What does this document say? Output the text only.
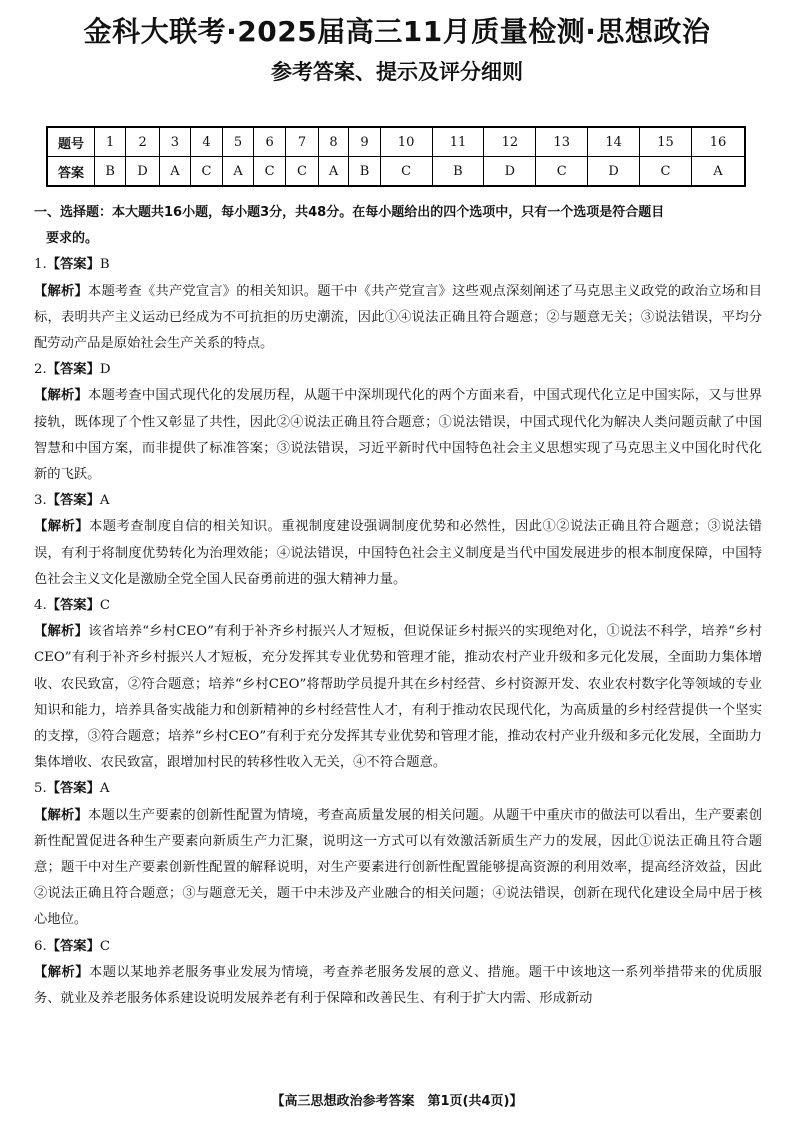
金科大联考·2025届高三11月质量检测·思想政治
参考答案、提示及评分细则
题号	1	2	3	4	5	6	7	8	9	10	11	12	13	14	15	16
答案	B	D	A	C	A	C	C	A	B	C	B	D	C	D	C	A

一、选择题：本大题共16小题，每小题3分，共48分。在每小题给出的四个选项中，只有一个选项是符合题目

要求的。

1.【答案】B

【解析】本题考查《共产党宣言》的相关知识。题干中《共产党宣言》这些观点深刻阐述了马克思主义政党的政治立场和目标，表明共产主义运动已经成为不可抗拒的历史潮流，因此①④说法正确且符合题意；②与题意无关；③说法错误，平均分配劳动产品是原始社会生产关系的特点。

2.【答案】D

【解析】本题考查中国式现代化的发展历程，从题干中深圳现代化的两个方面来看，中国式现代化立足中国实际，又与世界接轨，既体现了个性又彰显了共性，因此②④说法正确且符合题意；①说法错误，中国式现代化为解决人类问题贡献了中国智慧和中国方案，而非提供了标准答案；③说法错误，习近平新时代中国特色社会主义思想实现了马克思主义中国化时代化新的飞跃。

3.【答案】A

【解析】本题考查制度自信的相关知识。重视制度建设强调制度优势和必然性，因此①②说法正确且符合题意；③说法错误，有利于将制度优势转化为治理效能；④说法错误，中国特色社会主义制度是当代中国发展进步的根本制度保障，中国特色社会主义文化是激励全党全国人民奋勇前进的强大精神力量。

4.【答案】C

【解析】该省培养“乡村CEO”有利于补齐乡村振兴人才短板，但说保证乡村振兴的实现绝对化，①说法不科学，培养“乡村CEO”有利于补齐乡村振兴人才短板，充分发挥其专业优势和管理才能，推动农村产业升级和多元化发展，全面助力集体增收、农民致富，②符合题意；培养“乡村CEO”将帮助学员提升其在乡村经营、乡村资源开发、农业农村数字化等领域的专业知识和能力，培养具备实战能力和创新精神的乡村经营性人才，有利于推动农民现代化，为高质量的乡村经营提供一个坚实的支撑，③符合题意；培养“乡村CEO”有利于充分发挥其专业优势和管理才能，推动农村产业升级和多元化发展，全面助力集体增收、农民致富，跟增加村民的转移性收入无关，④不符合题意。

5.【答案】A

【解析】本题以生产要素的创新性配置为情境，考查高质量发展的相关问题。从题干中重庆市的做法可以看出，生产要素创新性配置促进各种生产要素向新质生产力汇聚，说明这一方式可以有效激活新质生产力的发展，因此①说法正确且符合题意；题干中对生产要素创新性配置的解释说明，对生产要素进行创新性配置能够提高资源的利用效率，提高经济效益，因此②说法正确且符合题意；③与题意无关，题干中未涉及产业融合的相关问题；④说法错误，创新在现代化建设全局中居于核心地位。

6.【答案】C

【解析】本题以某地养老服务事业发展为情境，考查养老服务发展的意义、措施。题干中该地这一系列举措带来的优质服务、就业及养老服务体系建设说明发展养老有利于保障和改善民生、有利于扩大内需、形成新动

【高三思想政治参考答案　第1页(共4页)】
